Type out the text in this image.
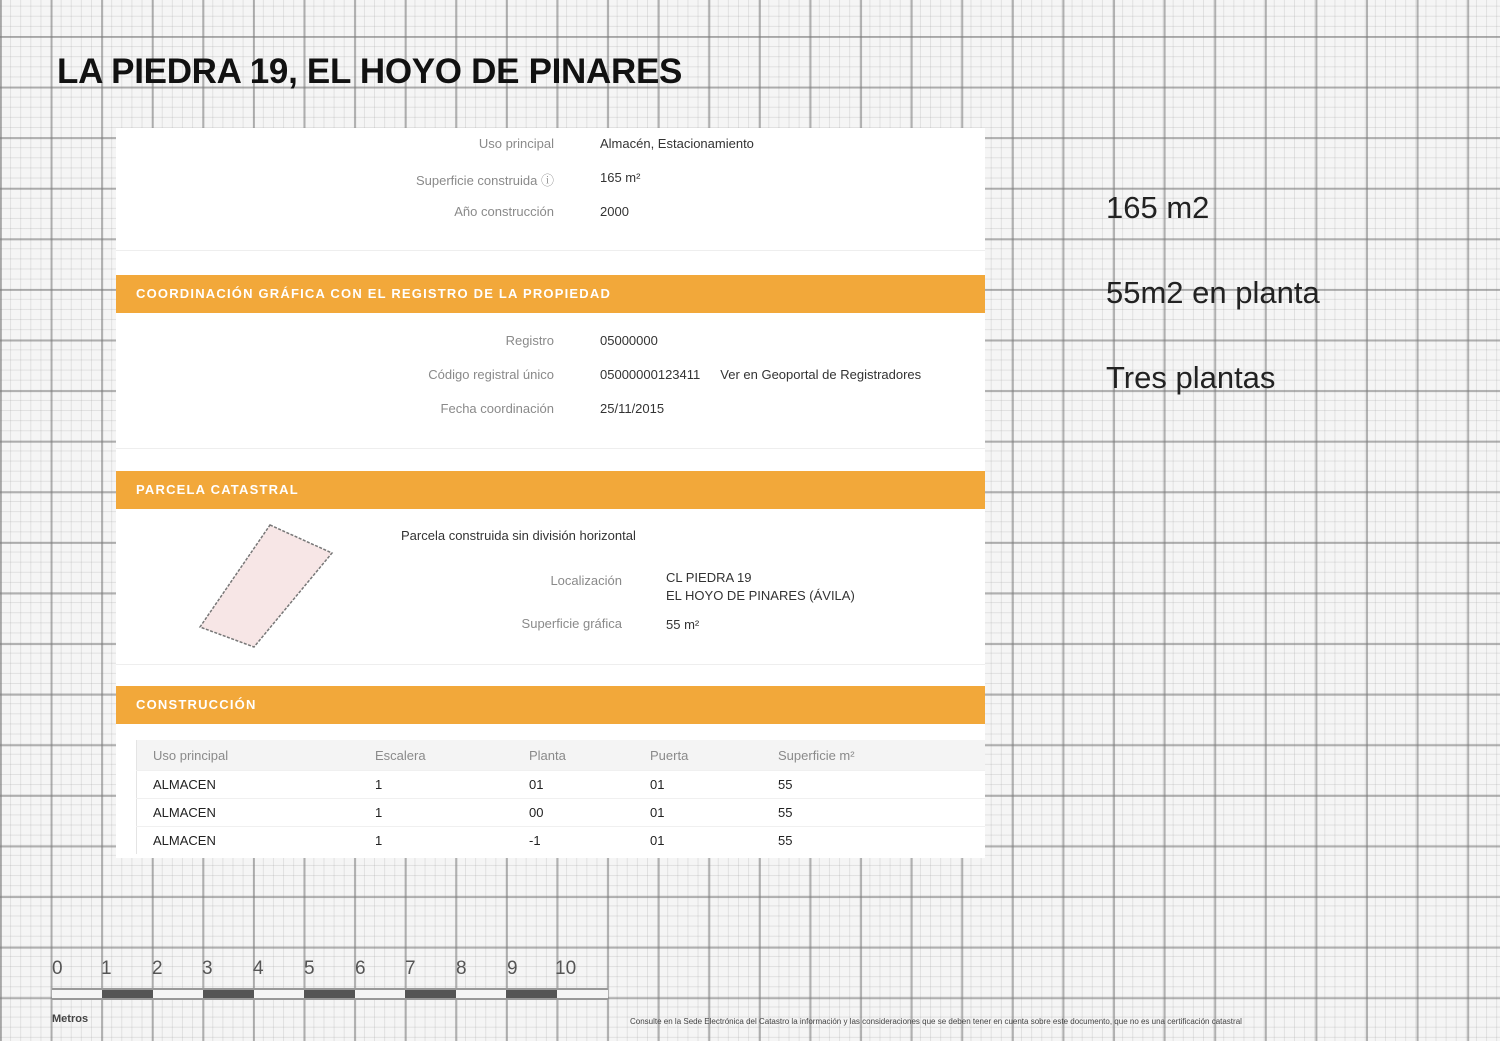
LA PIEDRA 19, EL HOYO DE PINARES
Uso principal	Almacén, Estacionamiento
Superficie construida ⓘ	165 m²
Año construcción	2000
COORDINACIÓN GRÁFICA CON EL REGISTRO DE LA PROPIEDAD
Registro	05000000
Código registral único	05000000123411 Ver en Geoportal de Registradores
Fecha coordinación	25/11/2015
PARCELA CATASTRAL
Parcela construida sin división horizontal
Localización	CL PIEDRA 19
EL HOYO DE PINARES (ÁVILA)
Superficie gráfica	55 m²
CONSTRUCCIÓN
Uso principal	Escalera	Planta	Puerta	Superficie m²
ALMACEN	1	01	01	55
ALMACEN	1	00	01	55
ALMACEN	1	-1	01	55
165 m2
55m2 en planta
Tres plantas
0 1 2 3 4 5 6 7 8 9 10
Metros	Consulte en la Sede Electrónica del Catastro la información y las consideraciones que se deben tener en cuenta sobre este documento, que no es una certificación catastral
